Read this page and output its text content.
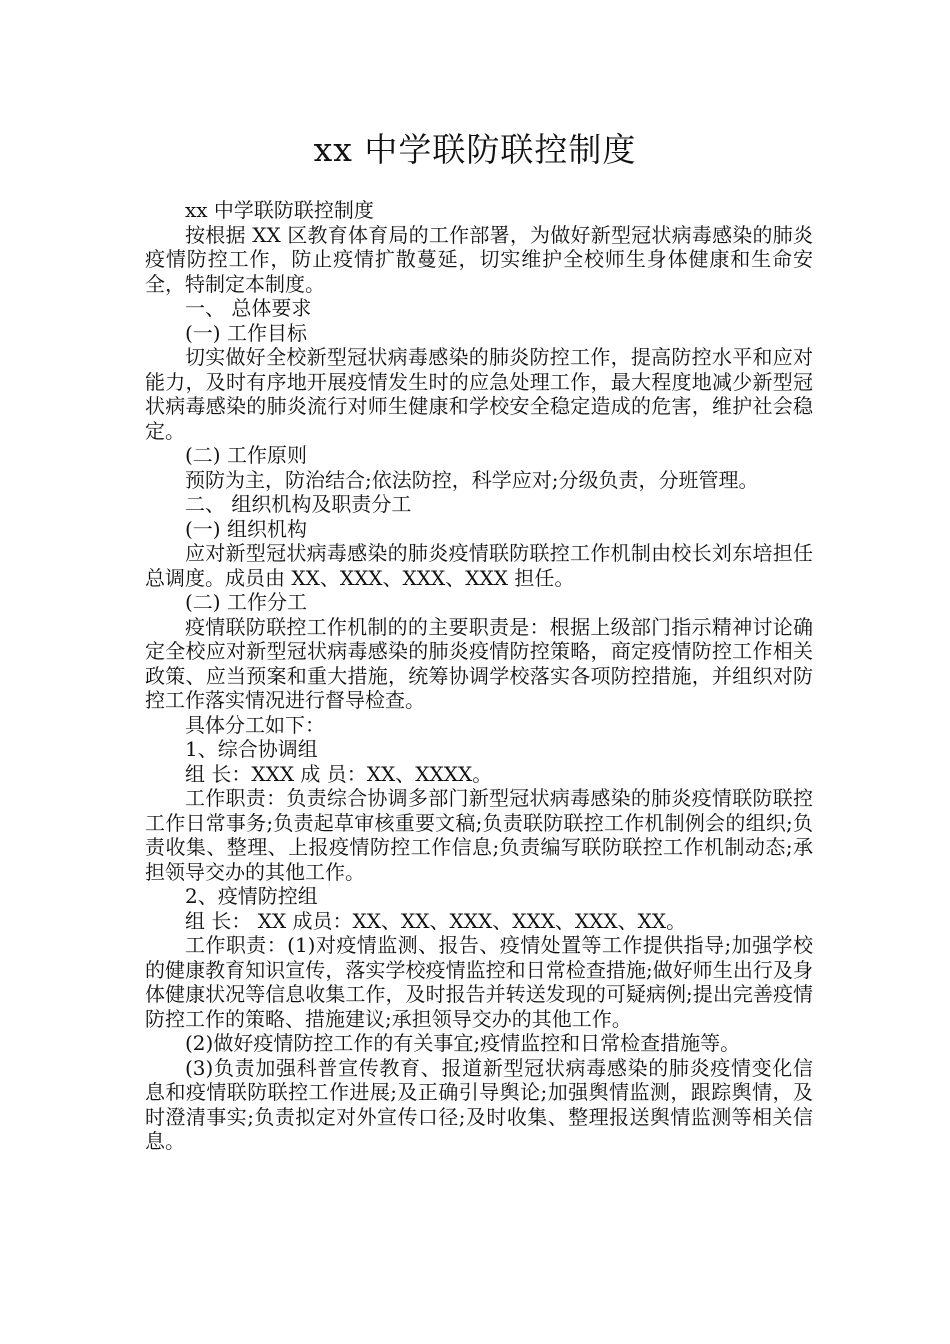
xx 中学联防联控制度

xx 中学联防联控制度

按根据 XX 区教育体育局的工作部署，为做好新型冠状病毒感染的肺炎疫情防控工作，防止疫情扩散蔓延，切实维护全校师生身体健康和生命安全，特制定本制度。

一、 总体要求

(一) 工作目标

切实做好全校新型冠状病毒感染的肺炎防控工作，提高防控水平和应对能力，及时有序地开展疫情发生时的应急处理工作，最大程度地减少新型冠状病毒感染的肺炎流行对师生健康和学校安全稳定造成的危害，维护社会稳定。

(二) 工作原则

预防为主，防治结合;依法防控，科学应对;分级负责，分班管理。

二、 组织机构及职责分工

(一) 组织机构

应对新型冠状病毒感染的肺炎疫情联防联控工作机制由校长刘东培担任总调度。成员由 XX、XXX、XXX、XXX 担任。

(二) 工作分工

疫情联防联控工作机制的的主要职责是：根据上级部门指示精神讨论确定全校应对新型冠状病毒感染的肺炎疫情防控策略，商定疫情防控工作相关政策、应当预案和重大措施，统筹协调学校落实各项防控措施，并组织对防控工作落实情况进行督导检查。

具体分工如下：

1、综合协调组

组 长：XXX 成 员：XX、XXXX。

工作职责：负责综合协调多部门新型冠状病毒感染的肺炎疫情联防联控工作日常事务;负责起草审核重要文稿;负责联防联控工作机制例会的组织;负责收集、整理、上报疫情防控工作信息;负责编写联防联控工作机制动态;承担领导交办的其他工作。

2、疫情防控组

组 长： XX 成员：XX、XX、XXX、XXX、XXX、XX。

工作职责：(1)对疫情监测、报告、疫情处置等工作提供指导;加强学校的健康教育知识宣传，落实学校疫情监控和日常检查措施;做好师生出行及身体健康状况等信息收集工作，及时报告并转送发现的可疑病例;提出完善疫情防控工作的策略、措施建议;承担领导交办的其他工作。

(2)做好疫情防控工作的有关事宜;疫情监控和日常检查措施等。

(3)负责加强科普宣传教育、报道新型冠状病毒感染的肺炎疫情变化信息和疫情联防联控工作进展;及正确引导舆论;加强舆情监测，跟踪舆情，及时澄清事实;负责拟定对外宣传口径;及时收集、整理报送舆情监测等相关信息。
